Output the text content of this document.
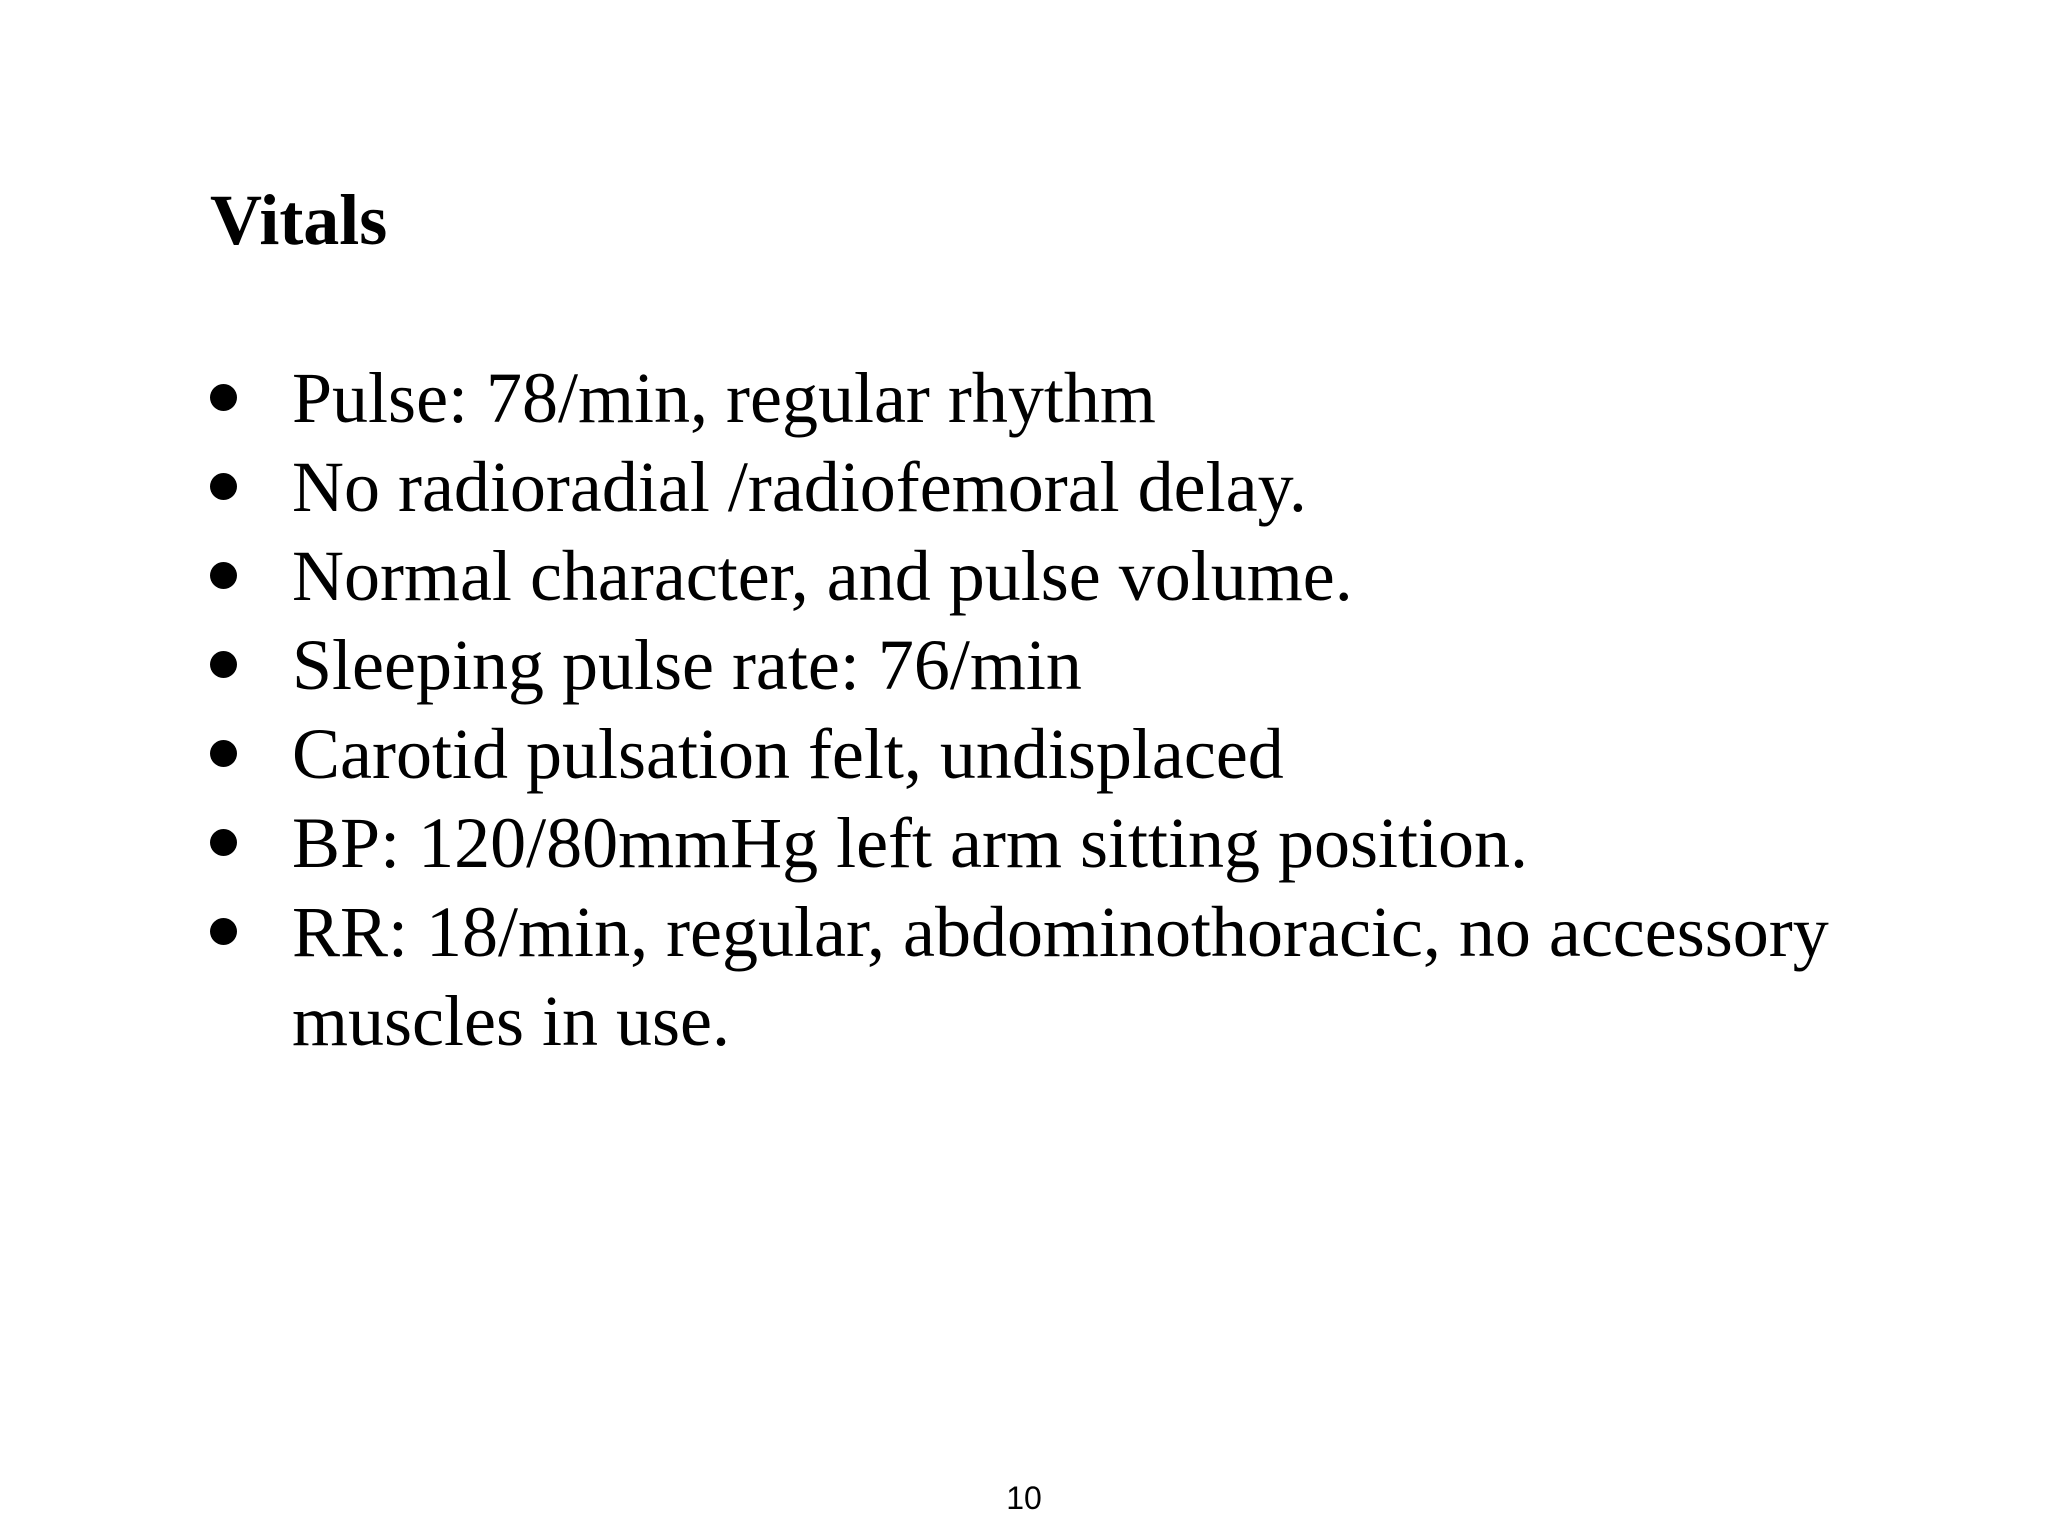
Vitals
Pulse: 78/min, regular rhythm
No radioradial /radiofemoral delay.
Normal character, and pulse volume.
Sleeping pulse rate: 76/min
Carotid pulsation felt, undisplaced
BP: 120/80mmHg left arm sitting position.
RR: 18/min, regular, abdominothoracic, no accessory muscles in use.
10
